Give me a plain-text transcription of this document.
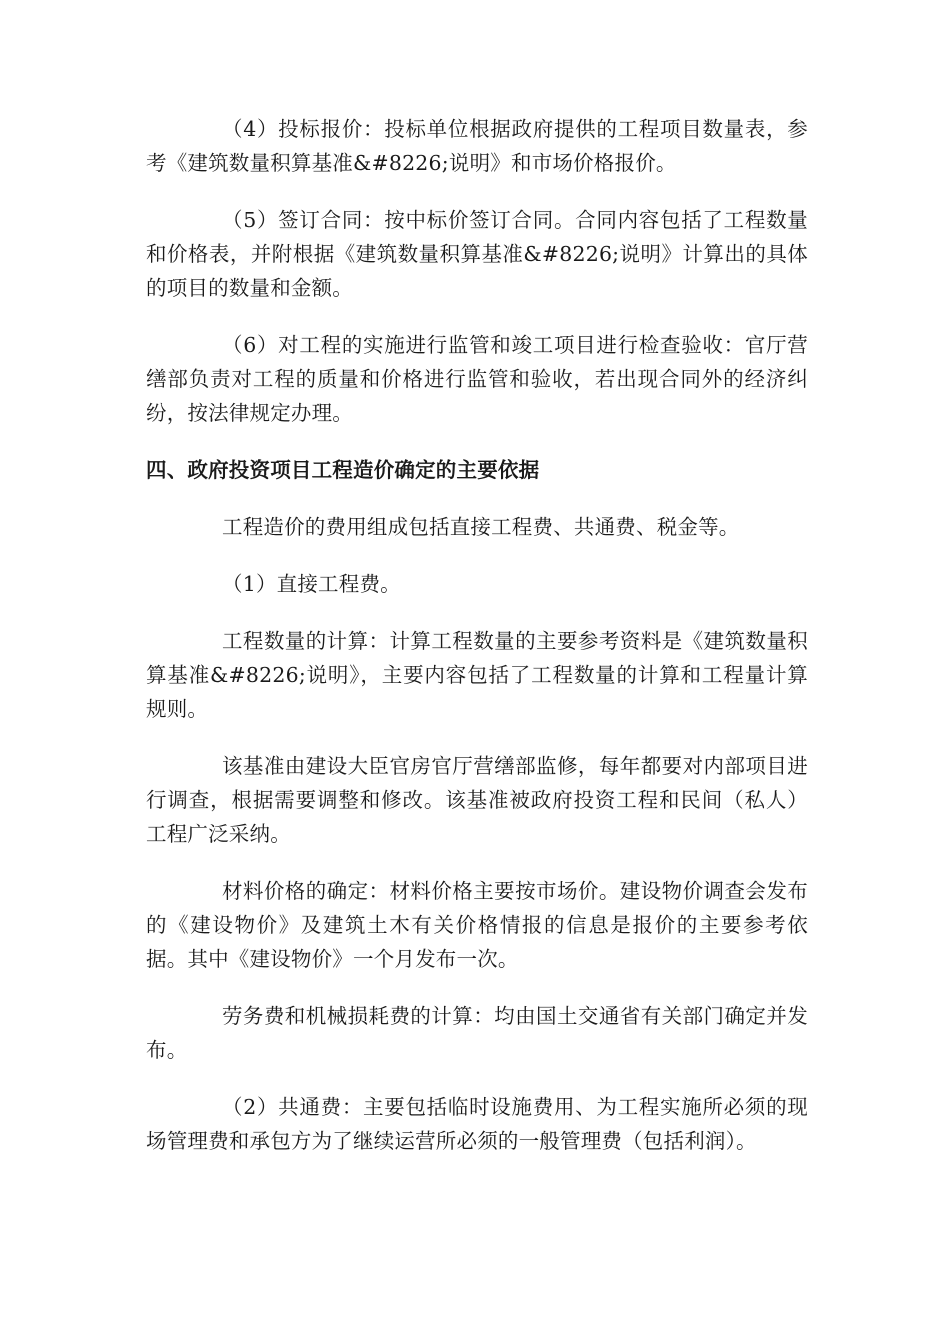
（4）投标报价：投标单位根据政府提供的工程项目数量表，参考《建筑数量积算基准&#8226;说明》和市场价格报价。

（5）签订合同：按中标价签订合同。合同内容包括了工程数量和价格表，并附根据《建筑数量积算基准&#8226;说明》计算出的具体的项目的数量和金额。

（6）对工程的实施进行监管和竣工项目进行检查验收：官厅营缮部负责对工程的质量和价格进行监管和验收，若出现合同外的经济纠纷，按法律规定办理。

四、政府投资项目工程造价确定的主要依据

工程造价的费用组成包括直接工程费、共通费、税金等。

（1）直接工程费。

工程数量的计算：计算工程数量的主要参考资料是《建筑数量积算基准&#8226;说明》，主要内容包括了工程数量的计算和工程量计算规则。

该基准由建设大臣官房官厅营缮部监修，每年都要对内部项目进行调查，根据需要调整和修改。该基准被政府投资工程和民间（私人）工程广泛采纳。

材料价格的确定：材料价格主要按市场价。建设物价调查会发布的《建设物价》及建筑土木有关价格情报的信息是报价的主要参考依据。其中《建设物价》一个月发布一次。

劳务费和机械损耗费的计算：均由国土交通省有关部门确定并发布。

（2）共通费：主要包括临时设施费用、为工程实施所必须的现场管理费和承包方为了继续运营所必须的一般管理费（包括利润）。
